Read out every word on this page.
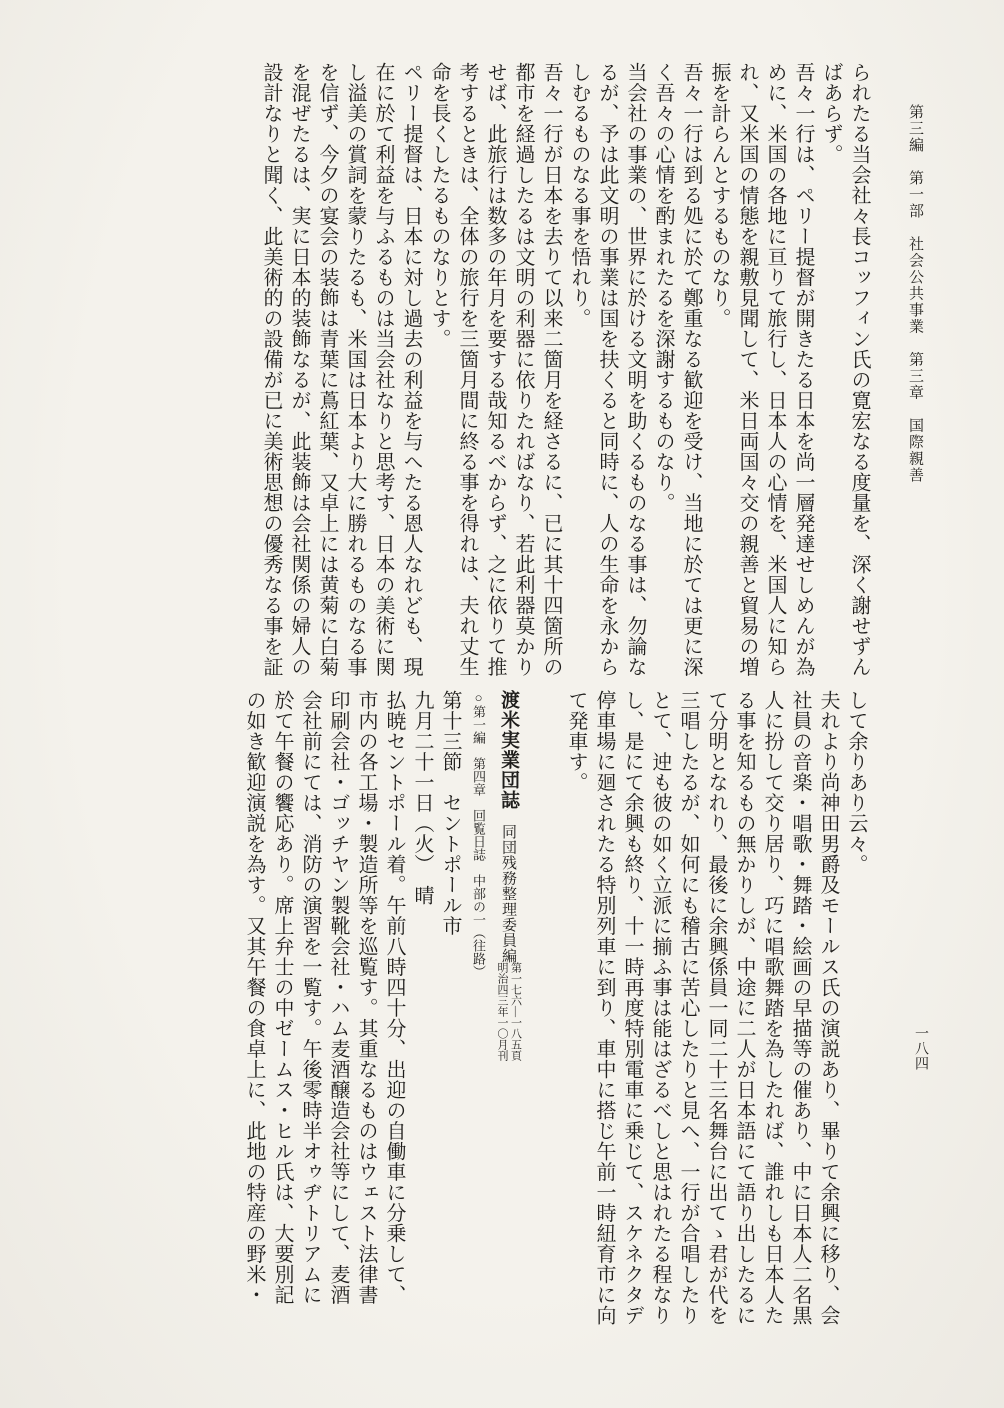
第三編　第一部　社会公共事業　第三章　国際親善
一八四

られたる当会社々長コッフィン氏の寛宏なる度量を、深く謝せずん

ばあらず。

吾々一行は、ペリー提督が開きたる日本を尚一層発達せしめんが為

めに、米国の各地に亘りて旅行し、日本人の心情を、米国人に知ら

れ、又米国の情態を親敷見聞して、米日両国々交の親善と貿易の増

振を計らんとするものなり。

吾々一行は到る処に於て鄭重なる歓迎を受け、当地に於ては更に深

く吾々の心情を酌まれたるを深謝するものなり。

当会社の事業の、世界に於ける文明を助くるものなる事は、勿論な

るが、予は此文明の事業は国を扶くると同時に、人の生命を永から

しむるものなる事を悟れり。

吾々一行が日本を去りて以来二箇月を経さるに、已に其十四箇所の

都市を経過したるは文明の利器に依りたればなり、若此利器莫かり

せば、此旅行は数多の年月を要する哉知るべからず、之に依りて推

考するときは、全体の旅行を三箇月間に終る事を得れは、夫れ丈生

命を長くしたるものなりとす。

ペリー提督は、日本に対し過去の利益を与へたる恩人なれども、現

在に於て利益を与ふるものは当会社なりと思考す、日本の美術に関

し溢美の賞詞を蒙りたるも、米国は日本より大に勝れるものなる事

を信ず、今夕の宴会の装飾は青葉に蔦紅葉、又卓上には黄菊に白菊

を混ぜたるは、実に日本的装飾なるが、此装飾は会社関係の婦人の

設計なりと聞く、此美術的の設備が已に美術思想の優秀なる事を証

して余りあり云々。

夫れより尚神田男爵及モールス氏の演説あり、畢りて余興に移り、会

社員の音楽・唱歌・舞踏・絵画の早描等の催あり、中に日本人二名黒

人に扮して交り居り、巧に唱歌舞踏を為したれば、誰れしも日本人た

る事を知るもの無かりしが、中途に二人が日本語にて語り出したるに

て分明となれり、最後に余興係員一同二十三名舞台に出てゝ君が代を

三唱したるが、如何にも稽古に苦心したりと見へ、一行が合唱したり

とて、迚も彼の如く立派に揃ふ事は能はざるべしと思はれたる程なり

し、是にて余興も終り、十一時再度特別電車に乗じて、スケネクタデ

停車場に廻されたる特別列車に到り、車中に搭じ午前一時紐育市に向

て発車す。

渡米実業団誌同団残務整理委員編

第一七六―一八五頁

明治四三年一〇月刊

○第一編　第四章　回覧日誌　中部の一（往路）

第十三節　セントポール市

九月二十一日（火）　晴

払暁セントポール着。午前八時四十分、出迎の自働車に分乗して、

市内の各工場・製造所等を巡覧す。其重なるものはウェスト法律書

印刷会社・ゴッチヤン製靴会社・ハム麦酒醸造会社等にして、麦酒

会社前にては、消防の演習を一覧す。午後零時半オゥヂトリアムに

於て午餐の饗応あり。席上弁士の中ゼームス・ヒル氏は、大要別記

の如き歓迎演説を為す。又其午餐の食卓上に、此地の特産の野米・
